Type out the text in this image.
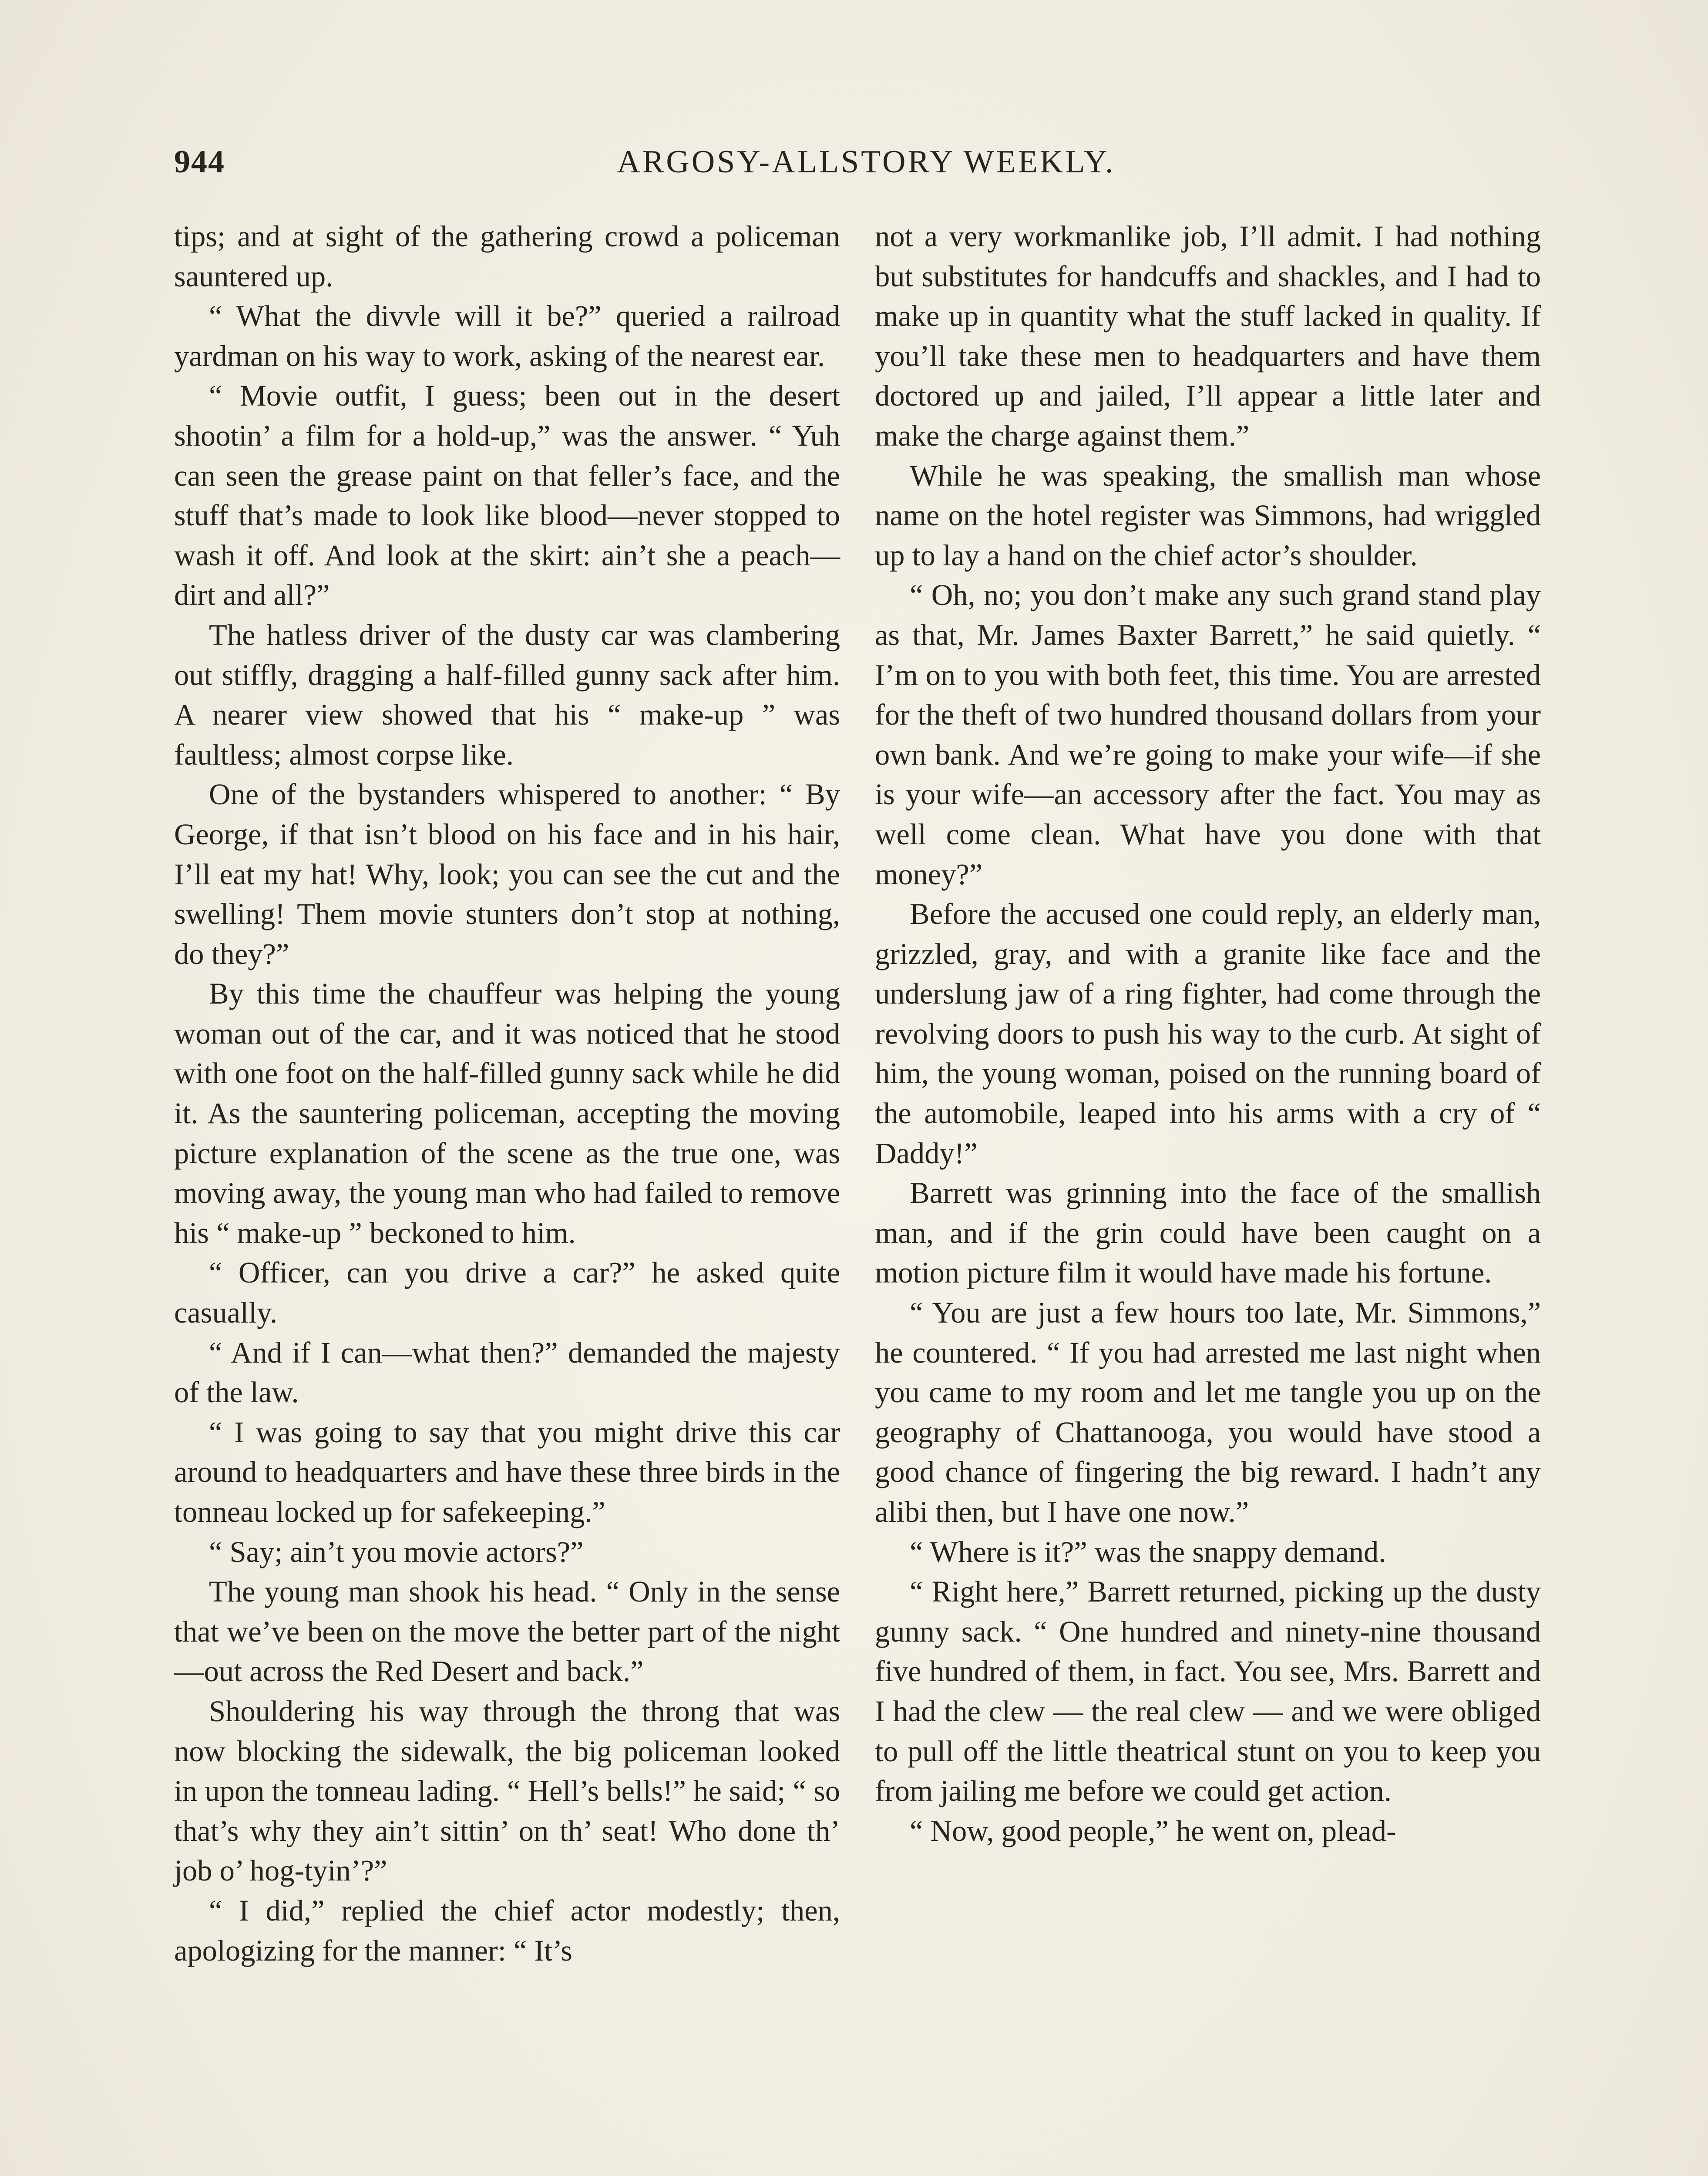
944	ARGOSY-ALLSTORY WEEKLY.

tips; and at sight of the gathering crowd a policeman sauntered up.

“ What the divvle will it be?” queried a railroad yardman on his way to work, asking of the nearest ear.

“ Movie outfit, I guess; been out in the desert shootin’ a film for a hold-up,” was the answer. “ Yuh can seen the grease paint on that feller’s face, and the stuff that’s made to look like blood—never stopped to wash it off. And look at the skirt: ain’t she a peach—dirt and all?”

The hatless driver of the dusty car was clambering out stiffly, dragging a half-filled gunny sack after him. A nearer view showed that his “ make-up ” was faultless; almost corpse like.

One of the bystanders whispered to another: “ By George, if that isn’t blood on his face and in his hair, I’ll eat my hat! Why, look; you can see the cut and the swelling! Them movie stunters don’t stop at nothing, do they?”

By this time the chauffeur was helping the young woman out of the car, and it was noticed that he stood with one foot on the half-filled gunny sack while he did it. As the sauntering policeman, accepting the moving picture explanation of the scene as the true one, was moving away, the young man who had failed to remove his “ make-up ” beckoned to him.

“ Officer, can you drive a car?” he asked quite casually.

“ And if I can—what then?” demanded the majesty of the law.

“ I was going to say that you might drive this car around to headquarters and have these three birds in the tonneau locked up for safekeeping.”

“ Say; ain’t you movie actors?”

The young man shook his head. “ Only in the sense that we’ve been on the move the better part of the night—out across the Red Desert and back.”

Shouldering his way through the throng that was now blocking the sidewalk, the big policeman looked in upon the tonneau lading. “ Hell’s bells!” he said; “ so that’s why they ain’t sittin’ on th’ seat! Who done th’ job o’ hog-tyin’?”

“ I did,” replied the chief actor modestly; then, apologizing for the manner: “ It’s

not a very workmanlike job, I’ll admit. I had nothing but substitutes for handcuffs and shackles, and I had to make up in quantity what the stuff lacked in quality. If you’ll take these men to headquarters and have them doctored up and jailed, I’ll appear a little later and make the charge against them.”

While he was speaking, the smallish man whose name on the hotel register was Simmons, had wriggled up to lay a hand on the chief actor’s shoulder.

“ Oh, no; you don’t make any such grand stand play as that, Mr. James Baxter Barrett,” he said quietly. “ I’m on to you with both feet, this time. You are arrested for the theft of two hundred thousand dollars from your own bank. And we’re going to make your wife—if she is your wife—an accessory after the fact. You may as well come clean. What have you done with that money?”

Before the accused one could reply, an elderly man, grizzled, gray, and with a granite like face and the underslung jaw of a ring fighter, had come through the revolving doors to push his way to the curb. At sight of him, the young woman, poised on the running board of the automobile, leaped into his arms with a cry of “ Daddy!”

Barrett was grinning into the face of the smallish man, and if the grin could have been caught on a motion picture film it would have made his fortune.

“ You are just a few hours too late, Mr. Simmons,” he countered. “ If you had arrested me last night when you came to my room and let me tangle you up on the geography of Chattanooga, you would have stood a good chance of fingering the big reward. I hadn’t any alibi then, but I have one now.”

“ Where is it?” was the snappy demand.

“ Right here,” Barrett returned, picking up the dusty gunny sack. “ One hundred and ninety-nine thousand five hundred of them, in fact. You see, Mrs. Barrett and I had the clew — the real clew — and we were obliged to pull off the little theatrical stunt on you to keep you from jailing me before we could get action.

“ Now, good people,” he went on, plead-
